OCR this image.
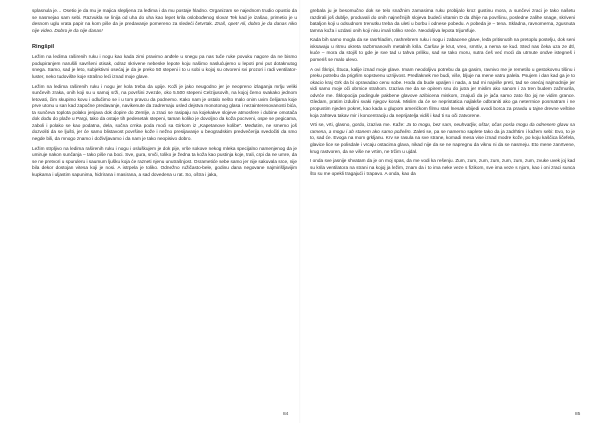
splasnula je… Osetio je da mu je majica slepljena za leđima i da mu postaje hladno. Organizam se najednom trudio opustio da se nasmejao sam sebi. Razvukla se linija od uha do uha kao lepet krila oslobođenog slova! Tek kad je izašao, primetio je u desnom uglu vrata papir na kom piše da je predavanje pomereno za sledeći četvrtak. Znaš, opet! Ali, dobro je da danas niko nije video. Dobro je da nije danas!

Ringšpil

Ležim na ledima raširenih ruku i nogu kao kada zimi pravimo anđele u snegu pa nas tuče ruke povuku nagore da ne bismo podupiranjem narušili savršeni otisak, odraz skrivene nebeske lepote koju našimo naslućujemo u lepoti prvi put dotaknutog snega. Samo, sad je leto, subjektivni osećaj je da je preko 50 stepeni i to u sobi u kojoj su otvoreni svi prozori i radi ventilator-luster, neko tudovište koje strašno leći iznad moje glave.

Ležim na ledima raširenih ruku i nogu jer kola treba da upije. Koži je jako neugodno jer je neopreno izlaganja mrlju veliki sunčevih zraka, onih koji su u samoj srži, na površini zvezde, oko 5.500 stepeni Celzijusovih, na kojoj čemo svakako jednom letovati, čim skupimo kovu i odlučimo se i u tom pravcu da podnemo. Kako nam je ostalo nešto malo onim uvim čelijama koje prve utonu u san kad započne predavanje, navikenute da zadremaju usled dejstva monotonog glasa i nezainteresovanosti bića, ta sunčeva toplota polako jenjava dok dopire do Zemlje, a zraci se rasipaju na kojekakve slojeve atmosfere i dubine omotača dok dođu do plaže u Pargi, tako da ostaje tih pedesetak stepeni, taman koliko je dovoljno da koža pocrveni, ospe se pegicama, zaboli i polako se kao podatna, dela, sočna crnka poda moći sa Girkom iz „Kapetanove kolibe". Međutim, ne smemo još dozvoliti da se ljušti, jer će samo blistavost površine kože i nežno presijavanje u beogradskim predvečerija svedočiti da smo negde bili, da mnogo znamo i doživljavamo i da nam je tako neopisivo dobro.

Ležim strpljivo na ledima raširenih ruku i nogu i osluškujem je dok pije, vrše sokove nekog mleka specijalno namenjenog da je umiruje nakon sunčanja – tako piše na boci. Sve, gura, srvči, toliko je žedna ta koža kao pustinja koje, trali, crpi da ne umre, da se ne pretvori u spuruleru i saumum ljušku koja će razneti njenu unutrašnjost. Osrametiće sebe samo jer nije sakuvala srce, nije bila dekor dostojan vitesa koji je nosi. A istrpela je toliko. Odnežno ružičasto-bele, godinu dana negovane najmirišljavijim kupkama i uljastim sapunima, hidrirana i masirana, a sad dovedena u rat. So, oštra i jaka,

grebala ju je besomučno dok se telo snažnim zamasima ruku probijalo kroz gustinu mora, a sunčevi zraci je tako našetu razdirali još dublje, produvali do onih najnežnijih slojeva budeći vitamin D da dhije na površinu, posledne zalihe snage, skriveni bataljon koji u odsudnom trenutku treba da uleti u borbu i odnese pobedu. A pobeda je – tena. Skladna, ravnomerna, zgusnuta tamna koža i uzdasi onih koji nisu imali toliko sreće. Neodoljiva lepota trijumfuje.

Kada bih samo mogla da se rasrhladim, rashrebrem ruku i nogu i zabacene glave, leđa pritisnutih na pretoplu postelju, dok seni isksavaju u ritmu okreta razbrmanovih metalnih krila. Čaršav je krut, vreo, smrtiv, a nema se kud. Sted nas čeka uza ze dtl, kuće – mora da stojiš to gde je sve tad u tahva priliku, sad se tako moru, sutra ćeš već moći da utrnute ondve istegneš i pomeriš se malo ulevo.

A ovi Škripi, Štuca, kalije iznad moje glave. Imam neodoljivu potrebu da ga gasim, ravnivo me je remetilo u gestokovnu tišinu i preku potrebu da prigrlim sopstvenu uzrijivost. Predlaknek me budi, više, bljuje na mene vatru palela. Psujem i dan kad ga je to okacio kraj Grk da bi opravadao cenu sobe. Hoda da bude upaljen i nada, a tad mi najviše preti, tad se osećaj najmodnije jer vidi samo moje oči obrnice strahom. Izaziva me da se opirem snu do jutra jer mislim ako sanom i za tren budem zažmurila, odvrće me. Šklopocija podingule pakbene glavove azibicena miskom, znajući da je jača samo zato što joj ne vidim grance. Gledam, pratim izdušni svaki njegov korak. Mislim da će se nepristatica najlakše odbraniti ako ga neterrnice posmatram i ne propustim njeden pokret, kao kada u glupom amerićkom filmu stari lnesak ubijedi uvodi borca za pravdu u tajne drevne veštine koja zahteva takav mir i koncentraciju da neprijatelja vidiš i kad ti su oči zatvorene.

Vrti se, vrti, glasno, gordo, izaziva me. Kaže: Ja to mogu, bez sam, neuhvatljiv, oštar, očas posla mogu da odnesem glavu sa ramena, a mogu i ab stanem ako samo poželim. Zaleti se, pa se namerno saplete tako da ja zadrhtim i kažem sebi: Evo, to je to, sad će. Evoga na mom grkljanu. Krv se rasula na sve strane, komadi mesa vise iznad modre kože, po koju kaščica ličefela, glavice lice se polisdale i vrcaju ostacima glava, nikad nije da se ne napregnu da viknu ni da se nasmeju. Eto mene zanrtvene, krug rastvoren, da se više ne vrtim, ne trčim u ujdal.

I onda sve jasnije shvatam da je on moj spas, da me vodi ka rešenju. Zum, zum, zum, zum, zum, zum, zum, zvuke uvek joj kad su krila ventilatora na strani na kojoj ja ležim, znam da i to ima neke veze s fizikom, sve ima veze s njom, kao i oni zraci sunca što su me opekli tragajući i trapavo. A onda, kao da

84	85
